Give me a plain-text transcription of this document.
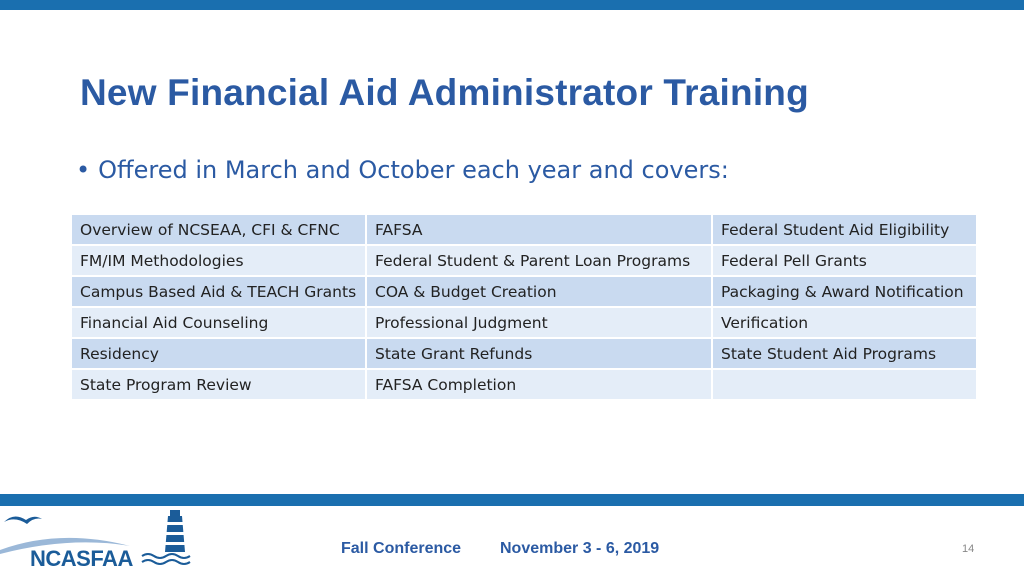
New Financial Aid Administrator Training
• Offered in March and October each year and covers:
Overview of NCSEAA, CFI & CFNC	FAFSA	Federal Student Aid Eligibility
FM/IM Methodologies	Federal Student & Parent Loan Programs	Federal Pell Grants
Campus Based Aid & TEACH Grants	COA & Budget Creation	Packaging & Award Notification
Financial Aid Counseling	Professional Judgment	Verification
Residency	State Grant Refunds	State Student Aid Programs
State Program Review	FAFSA Completion	
NCASFAA	Fall Conference November 3 - 6, 2019	14
